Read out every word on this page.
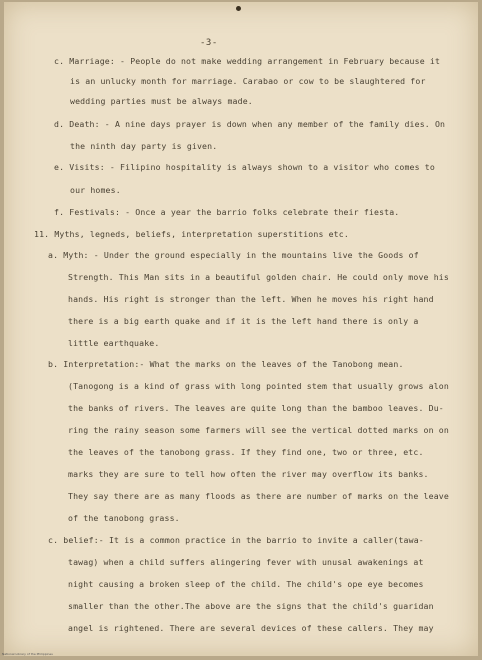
-3-
c. Marriage: - People do not make wedding arrangement in February because it
is an unlucky month for marriage. Carabao or cow to be slaughtered for
wedding parties must be always made.
d. Death: - A nine days prayer is down when any member of the family dies. On
the ninth day party is given.
e. Visits: - Filipino hospitality is always shown to a visitor who comes to
our homes.
f. Festivals: - Once a year the barrio folks celebrate their fiesta.
11. Myths, legneds, beliefs, interpretation superstitions etc.
a. Myth: - Under the ground especially in the mountains live the Goods of
Strength. This Man sits in a beautiful golden chair. He could only move his
hands. His right is stronger than the left. When he moves his right hand
there is a big earth quake and if it is the left hand there is only a
little earthquake.
b. Interpretation:- What the marks on the leaves of the Tanobong mean.
(Tanogong is a kind of grass with long pointed stem that usually grows alon
the banks of rivers. The leaves are quite long than the bamboo leaves. Du-
ring the rainy season some farmers will see the vertical dotted marks on on
the leaves of the tanobong grass. If they find one, two or three, etc.
marks they are sure to tell how often the river may overflow its banks.
They say there are as many floods as there are number of marks on the leave
of the tanobong grass.
c. belief:- It is a common practice in the barrio to invite a caller(tawa-
tawag) when a child suffers alingering fever with unusal awakenings at
night causing a broken sleep of the child. The child's ope eye becomes
smaller than the other.The above are the signs that the child's guaridan
angel is rightened. There are several devices of these callers. They may
National Library of the Philippines
